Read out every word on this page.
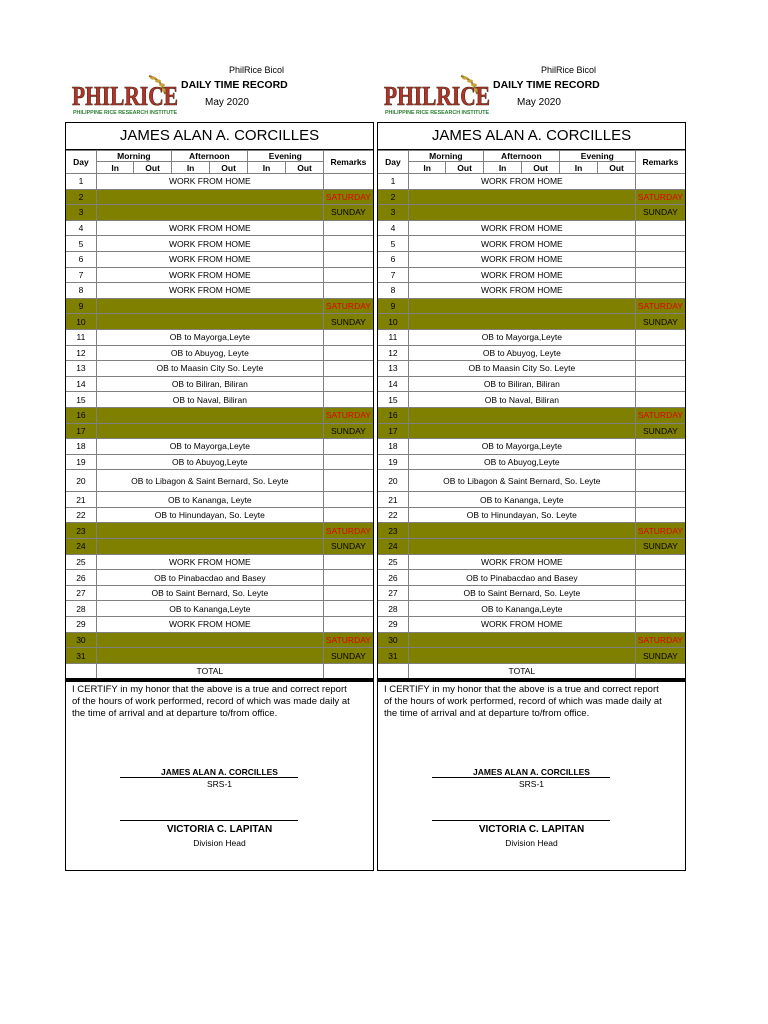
PhilRice Bicol
PHILRICE
PHILIPPINE RICE RESEARCH INSTITUTE
DAILY TIME RECORD
May 2020
JAMES ALAN A. CORCILLES
Day	Morning		Afternoon		Evening		Remarks
	In	Out	In	Out	In	Out	
1	WORK FROM HOME						
2							SATURDAY
3							SUNDAY
4	WORK FROM HOME						
5	WORK FROM HOME						
6	WORK FROM HOME						
7	WORK FROM HOME						
8	WORK FROM HOME						
9							SATURDAY
10							SUNDAY
11	OB to Mayorga,Leyte						
12	OB to Abuyog, Leyte						
13	OB to Maasin City So. Leyte						
14	OB to Biliran, Biliran						
15	OB to Naval, Biliran						
16							SATURDAY
17							SUNDAY
18	OB to Mayorga,Leyte						
19	OB to Abuyog,Leyte						
20	OB to Libagon & Saint Bernard, So. Leyte						
21	OB to Kananga, Leyte						
22	OB to Hinundayan, So. Leyte						
23							SATURDAY
24							SUNDAY
25	WORK FROM HOME						
26	OB to Pinabacdao and Basey						
27	OB to Saint Bernard, So. Leyte						
28	OB to Kananga,Leyte						
29	WORK FROM HOME						
30							SATURDAY
31							SUNDAY
	TOTAL						
I CERTIFY in my honor that the above is a true and correct report of the hours of work performed, record of which was made daily at the time of arrival and at departure to/from office.
JAMES ALAN A. CORCILLES
SRS-1
VICTORIA C. LAPITAN
Division Head
PhilRice Bicol
PHILRICE
PHILIPPINE RICE RESEARCH INSTITUTE
DAILY TIME RECORD
May 2020
JAMES ALAN A. CORCILLES
Day	Morning		Afternoon		Evening		Remarks
	In	Out	In	Out	In	Out	
1	WORK FROM HOME						
2							SATURDAY
3							SUNDAY
4	WORK FROM HOME						
5	WORK FROM HOME						
6	WORK FROM HOME						
7	WORK FROM HOME						
8	WORK FROM HOME						
9							SATURDAY
10							SUNDAY
11	OB to Mayorga,Leyte						
12	OB to Abuyog, Leyte						
13	OB to Maasin City So. Leyte						
14	OB to Biliran, Biliran						
15	OB to Naval, Biliran						
16							SATURDAY
17							SUNDAY
18	OB to Mayorga,Leyte						
19	OB to Abuyog,Leyte						
20	OB to Libagon & Saint Bernard, So. Leyte						
21	OB to Kananga, Leyte						
22	OB to Hinundayan, So. Leyte						
23							SATURDAY
24							SUNDAY
25	WORK FROM HOME						
26	OB to Pinabacdao and Basey						
27	OB to Saint Bernard, So. Leyte						
28	OB to Kananga,Leyte						
29	WORK FROM HOME						
30							SATURDAY
31							SUNDAY
	TOTAL						
I CERTIFY in my honor that the above is a true and correct report of the hours of work performed, record of which was made daily at the time of arrival and at departure to/from office.
JAMES ALAN A. CORCILLES
SRS-1
VICTORIA C. LAPITAN
Division Head
